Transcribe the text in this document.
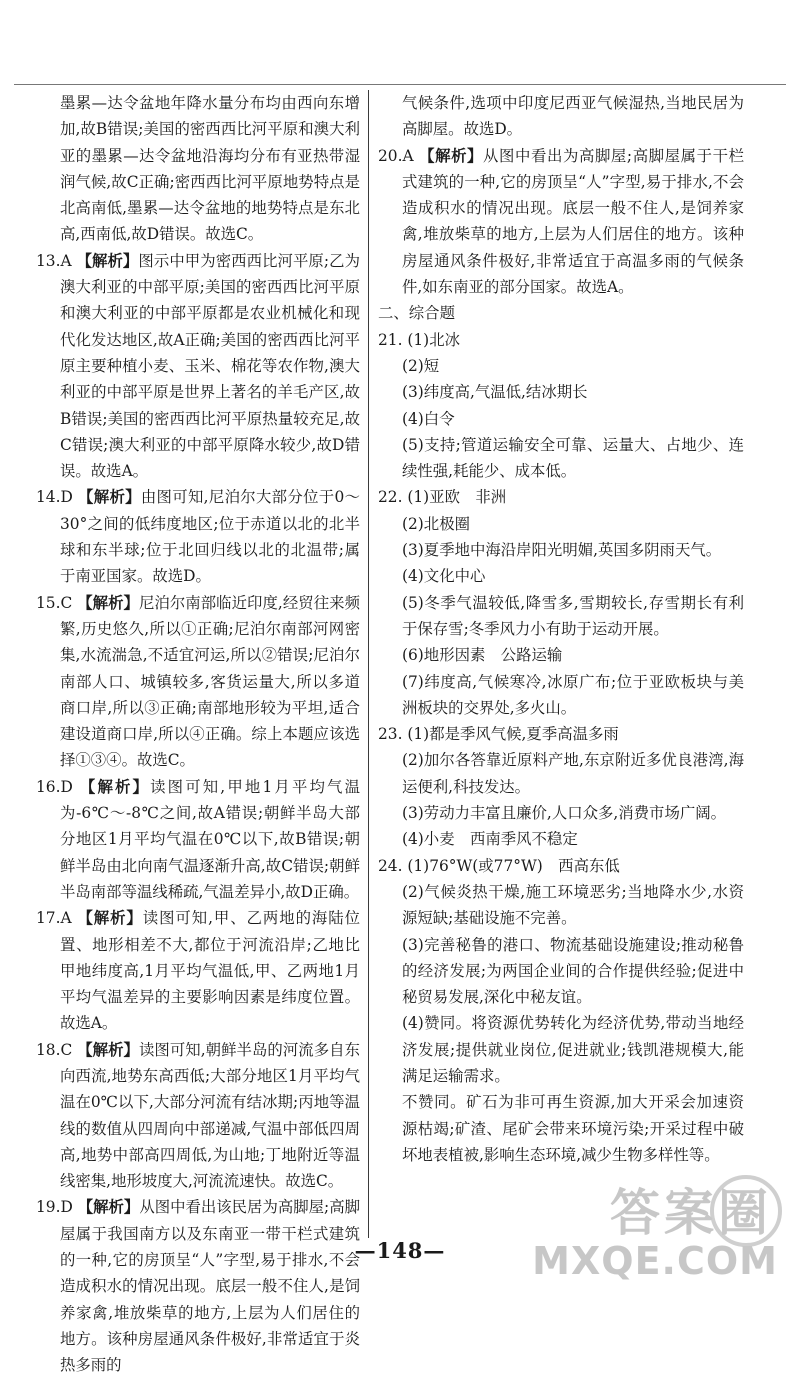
墨累—达令盆地年降水量分布均由西向东增加,故B错误;美国的密西西比河平原和澳大利亚的墨累—达令盆地沿海均分布有亚热带湿润气候,故C正确;密西西比河平原地势特点是北高南低,墨累—达令盆地的地势特点是东北高,西南低,故D错误。故选C。

13.A 【解析】图示中甲为密西西比河平原;乙为澳大利亚的中部平原;美国的密西西比河平原和澳大利亚的中部平原都是农业机械化和现代化发达地区,故A正确;美国的密西西比河平原主要种植小麦、玉米、棉花等农作物,澳大利亚的中部平原是世界上著名的羊毛产区,故B错误;美国的密西西比河平原热量较充足,故C错误;澳大利亚的中部平原降水较少,故D错误。故选A。

14.D 【解析】由图可知,尼泊尔大部分位于0～30°之间的低纬度地区;位于赤道以北的北半球和东半球;位于北回归线以北的北温带;属于南亚国家。故选D。

15.C 【解析】尼泊尔南部临近印度,经贸往来频繁,历史悠久,所以①正确;尼泊尔南部河网密集,水流湍急,不适宜河运,所以②错误;尼泊尔南部人口、城镇较多,客货运量大,所以多道商口岸,所以③正确;南部地形较为平坦,适合建设道商口岸,所以④正确。综上本题应该选择①③④。故选C。

16.D 【解析】读图可知,甲地1月平均气温为-6℃～-8℃之间,故A错误;朝鲜半岛大部分地区1月平均气温在0℃以下,故B错误;朝鲜半岛由北向南气温逐渐升高,故C错误;朝鲜半岛南部等温线稀疏,气温差异小,故D正确。

17.A 【解析】读图可知,甲、乙两地的海陆位置、地形相差不大,都位于河流沿岸;乙地比甲地纬度高,1月平均气温低,甲、乙两地1月平均气温差异的主要影响因素是纬度位置。故选A。

18.C 【解析】读图可知,朝鲜半岛的河流多自东向西流,地势东高西低;大部分地区1月平均气温在0℃以下,大部分河流有结冰期;丙地等温线的数值从四周向中部递减,气温中部低四周高,地势中部高四周低,为山地;丁地附近等温线密集,地形坡度大,河流流速快。故选C。

19.D 【解析】从图中看出该民居为高脚屋;高脚屋属于我国南方以及东南亚一带干栏式建筑的一种,它的房顶呈“人”字型,易于排水,不会造成积水的情况出现。底层一般不住人,是饲养家禽,堆放柴草的地方,上层为人们居住的地方。该种房屋通风条件极好,非常适宜于炎热多雨的

气候条件,选项中印度尼西亚气候湿热,当地民居为高脚屋。故选D。

20.A 【解析】从图中看出为高脚屋;高脚屋属于干栏式建筑的一种,它的房顶呈“人”字型,易于排水,不会造成积水的情况出现。底层一般不住人,是饲养家禽,堆放柴草的地方,上层为人们居住的地方。该种房屋通风条件极好,非常适宜于高温多雨的气候条件,如东南亚的部分国家。故选A。

二、综合题

21. (1)北冰

(2)短

(3)纬度高,气温低,结冰期长

(4)白令

(5)支持;管道运输安全可靠、运量大、占地少、连续性强,耗能少、成本低。

22. (1)亚欧　非洲

(2)北极圈

(3)夏季地中海沿岸阳光明媚,英国多阴雨天气。

(4)文化中心

(5)冬季气温较低,降雪多,雪期较长,存雪期长有利于保存雪;冬季风力小有助于运动开展。

(6)地形因素　公路运输

(7)纬度高,气候寒冷,冰原广布;位于亚欧板块与美洲板块的交界处,多火山。

23. (1)都是季风气候,夏季高温多雨

(2)加尔各答靠近原料产地,东京附近多优良港湾,海运便利,科技发达。

(3)劳动力丰富且廉价,人口众多,消费市场广阔。

(4)小麦　西南季风不稳定

24. (1)76°W(或77°W)　西高东低

(2)气候炎热干燥,施工环境恶劣;当地降水少,水资源短缺;基础设施不完善。

(3)完善秘鲁的港口、物流基础设施建设;推动秘鲁的经济发展;为两国企业间的合作提供经验;促进中秘贸易发展,深化中秘友谊。

(4)赞同。将资源优势转化为经济优势,带动当地经济发展;提供就业岗位,促进就业;钱凯港规模大,能满足运输需求。

不赞同。矿石为非可再生资源,加大开采会加速资源枯竭;矿渣、尾矿会带来环境污染;开采过程中破坏地表植被,影响生态环境,减少生物多样性等。

—148—
答案圈
MXQE.COM
